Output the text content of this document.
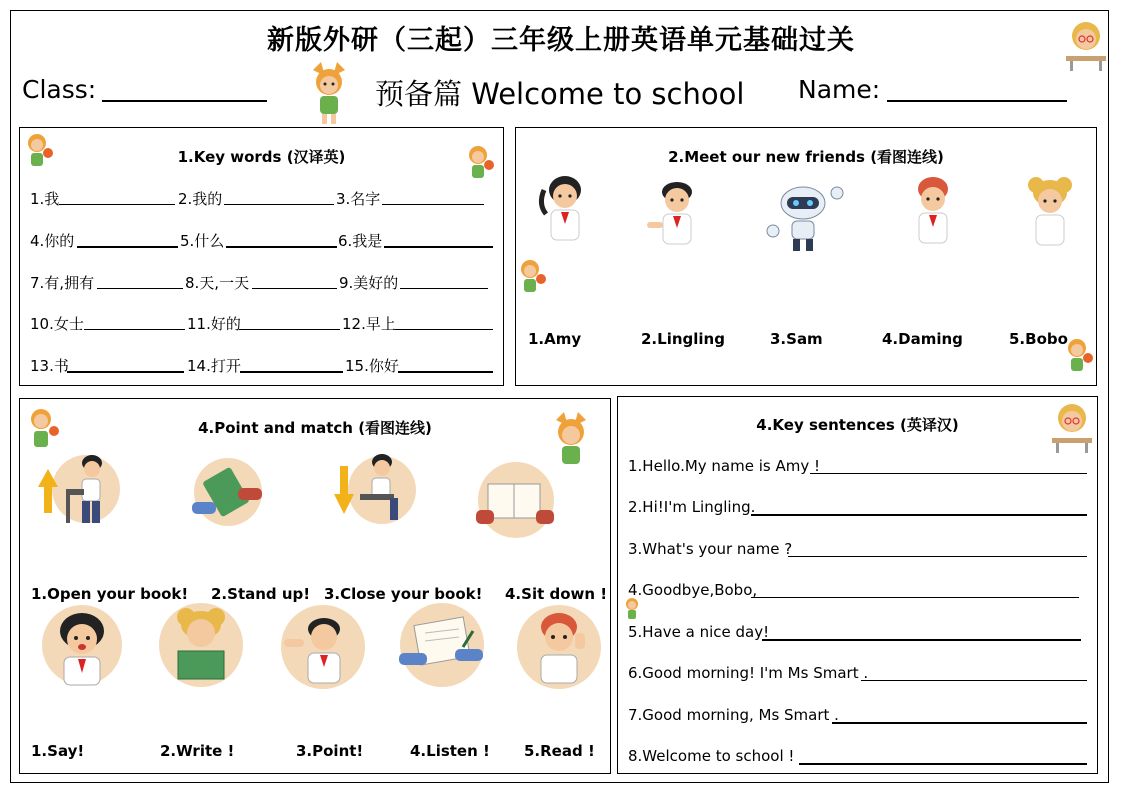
新版外研（三起）三年级上册英语单元基础过关
Class:	预备篇 Welcome to school Name:
1.Key words (汉译英)
1.我	2.我的	3.名字
4.你的	5.什么	6.我是
7.有,拥有	8.天,一天	9.美好的
10.女士	11.好的	12.早上
13.书	14.打开	15.你好
2.Meet our new friends (看图连线)
1.Amy	2.Lingling	3.Sam	4.Daming	5.Bobo
4.Point and match (看图连线)
1.Open your book! 2.Stand up! 3.Close your book! 4.Sit down !
1.Say!	2.Write !	3.Point!	4.Listen ! 5.Read !
4.Key sentences (英译汉)
1.Hello.My name is Amy !
2.Hi!I'm Lingling.
3.What's your name ?
4.Goodbye,Bobo,
5.Have a nice day!
6.Good morning! I'm Ms Smart .
7.Good morning, Ms Smart .
8.Welcome to school !
